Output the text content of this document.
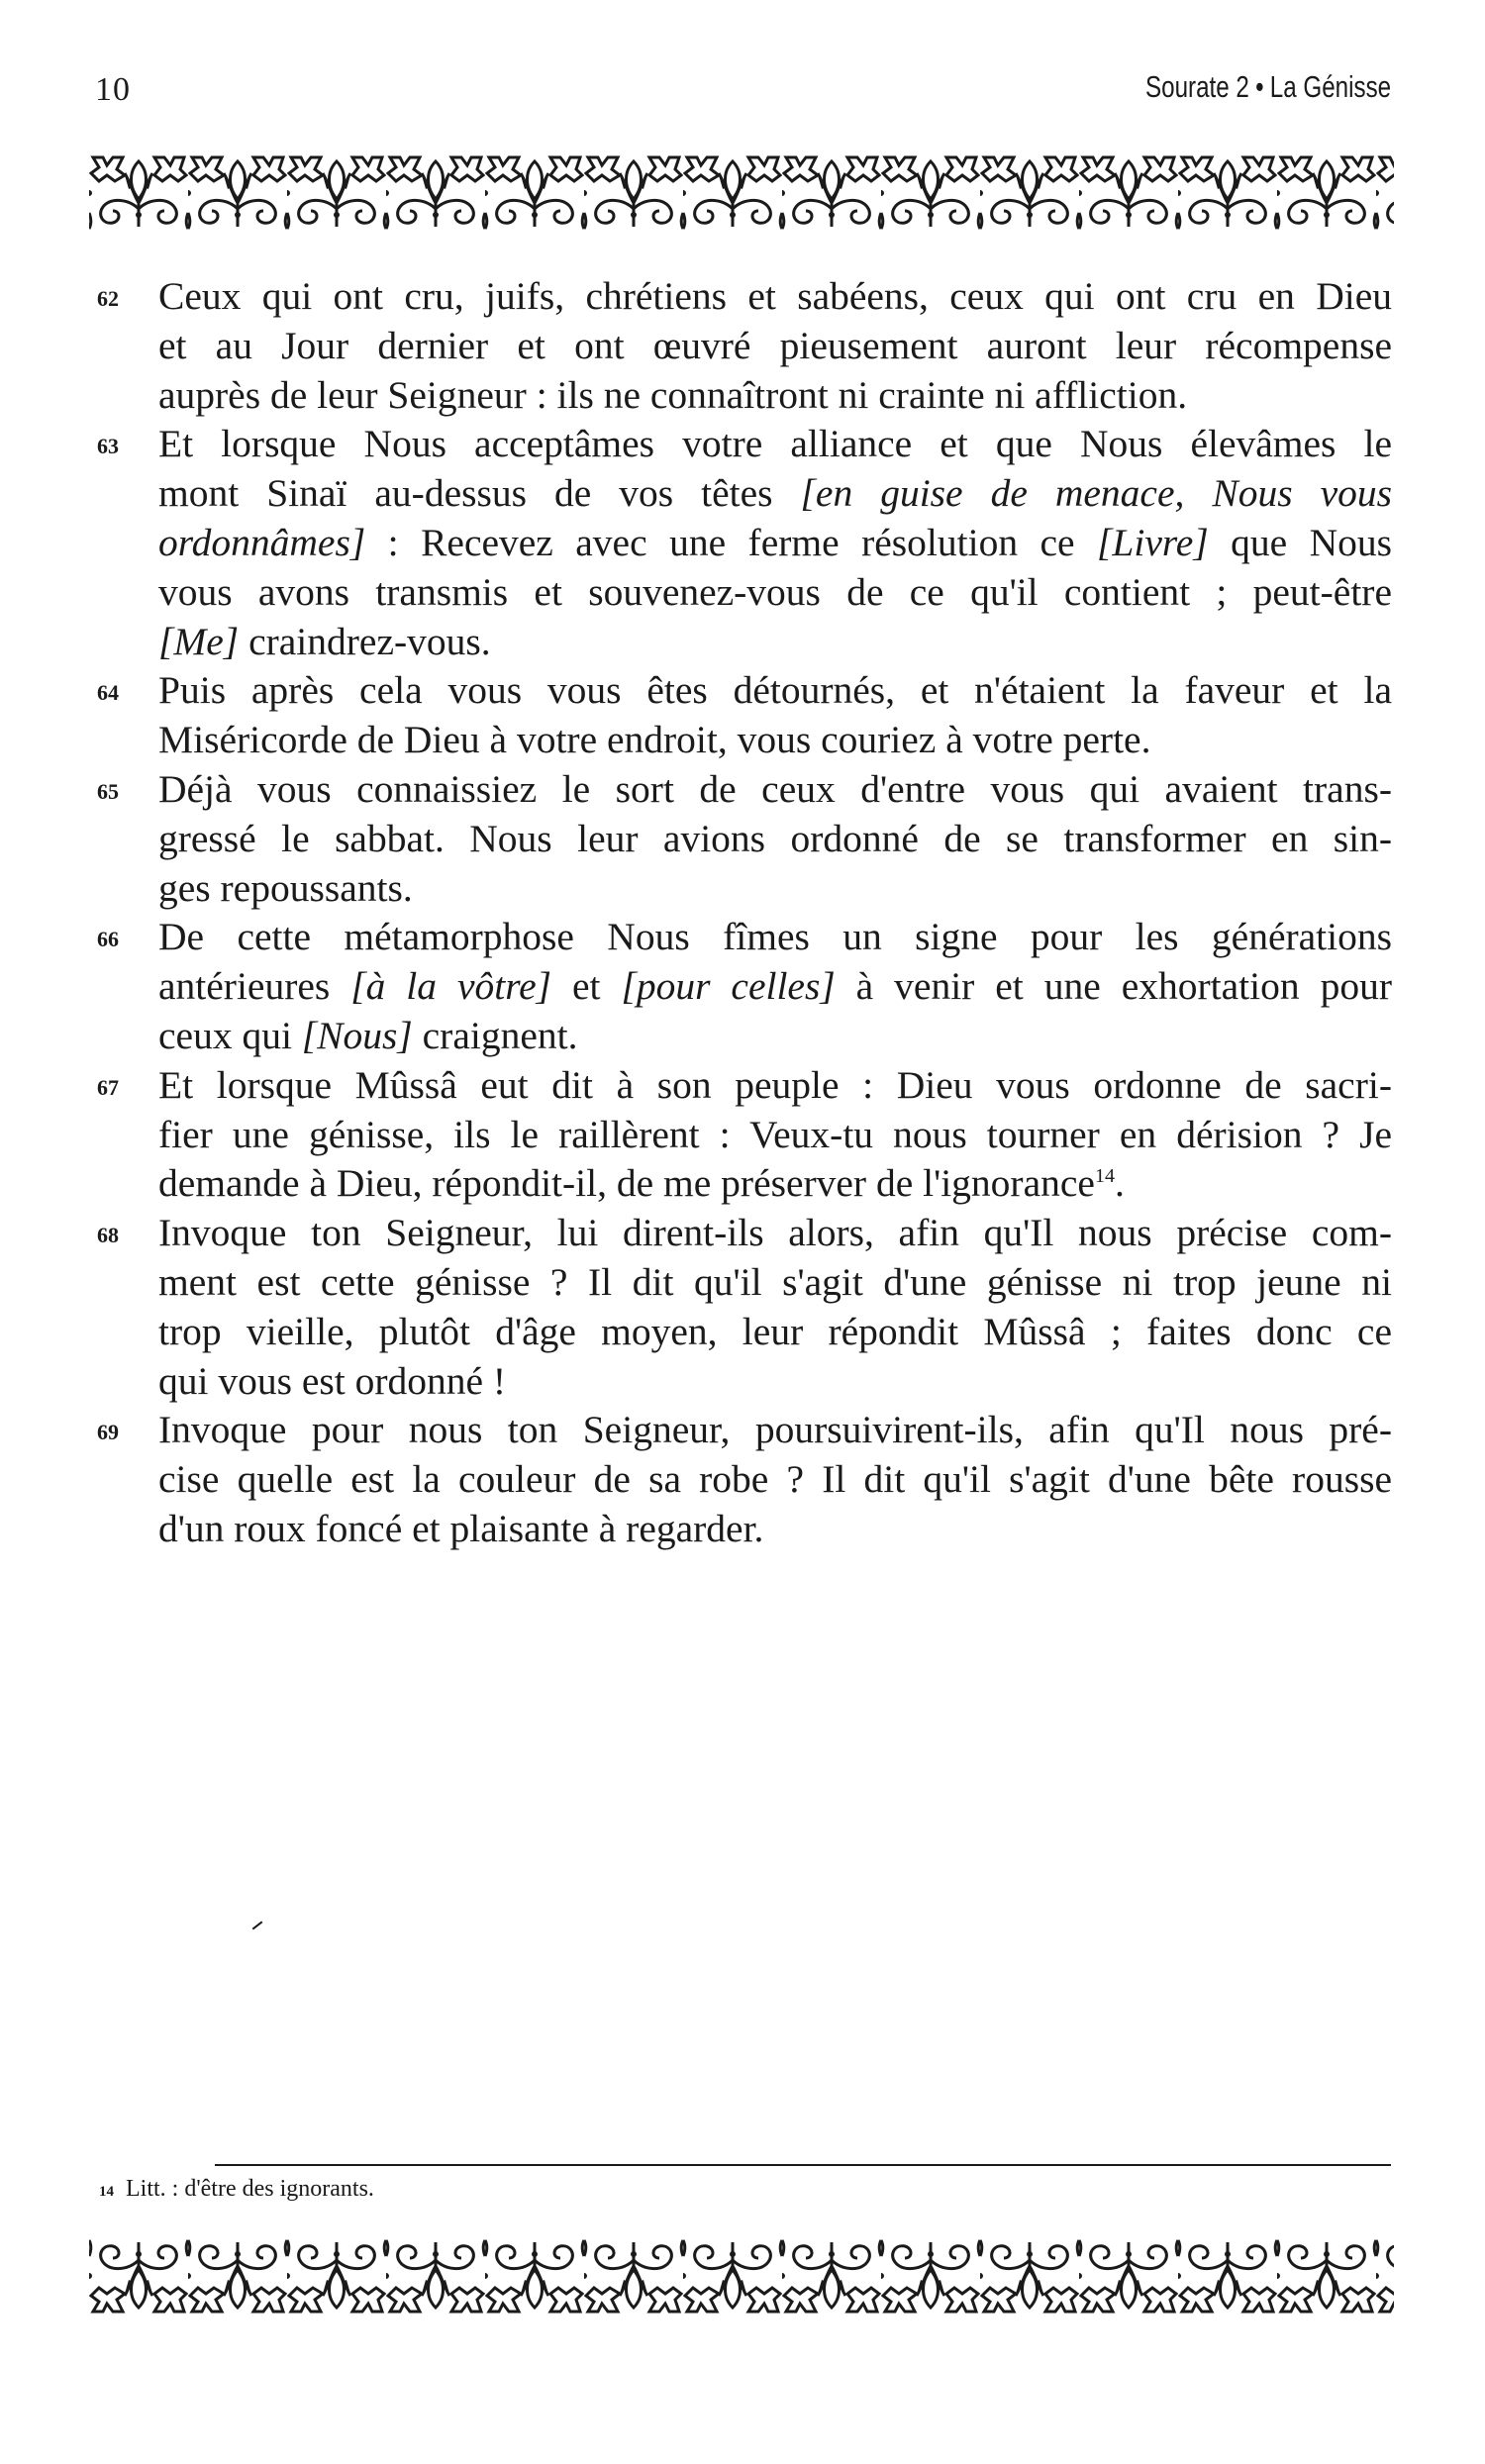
10	Sourate 2 • La Génisse
62 Ceux qui ont cru, juifs, chrétiens et sabéens, ceux qui ont cru en Dieu
et au Jour dernier et ont œuvré pieusement auront leur récompense
auprès de leur Seigneur : ils ne connaîtront ni crainte ni affliction.
63 Et lorsque Nous acceptâmes votre alliance et que Nous élevâmes le
mont Sinaï au-dessus de vos têtes [en guise de menace, Nous vous
ordonnâmes] : Recevez avec une ferme résolution ce [Livre] que Nous
vous avons transmis et souvenez-vous de ce qu'il contient ; peut-être
[Me] craindrez-vous.
64 Puis après cela vous vous êtes détournés, et n'étaient la faveur et la
Miséricorde de Dieu à votre endroit, vous couriez à votre perte.
65 Déjà vous connaissiez le sort de ceux d'entre vous qui avaient trans-
gressé le sabbat. Nous leur avions ordonné de se transformer en sin-
ges repoussants.
66 De cette métamorphose Nous fîmes un signe pour les générations
antérieures [à la vôtre] et [pour celles] à venir et une exhortation pour
ceux qui [Nous] craignent.
67 Et lorsque Mûssâ eut dit à son peuple : Dieu vous ordonne de sacri-
fier une génisse, ils le raillèrent : Veux-tu nous tourner en dérision ? Je
demande à Dieu, répondit-il, de me préserver de l'ignorance$^{14}$.
68 Invoque ton Seigneur, lui dirent-ils alors, afin qu'Il nous précise com-
ment est cette génisse ? Il dit qu'il s'agit d'une génisse ni trop jeune ni
trop vieille, plutôt d'âge moyen, leur répondit Mûssâ ; faites donc ce
qui vous est ordonné !
69 Invoque pour nous ton Seigneur, poursuivirent-ils, afin qu'Il nous pré-
cise quelle est la couleur de sa robe ? Il dit qu'il s'agit d'une bête rousse
d'un roux foncé et plaisante à regarder.
14 Litt. : d'être des ignorants.
